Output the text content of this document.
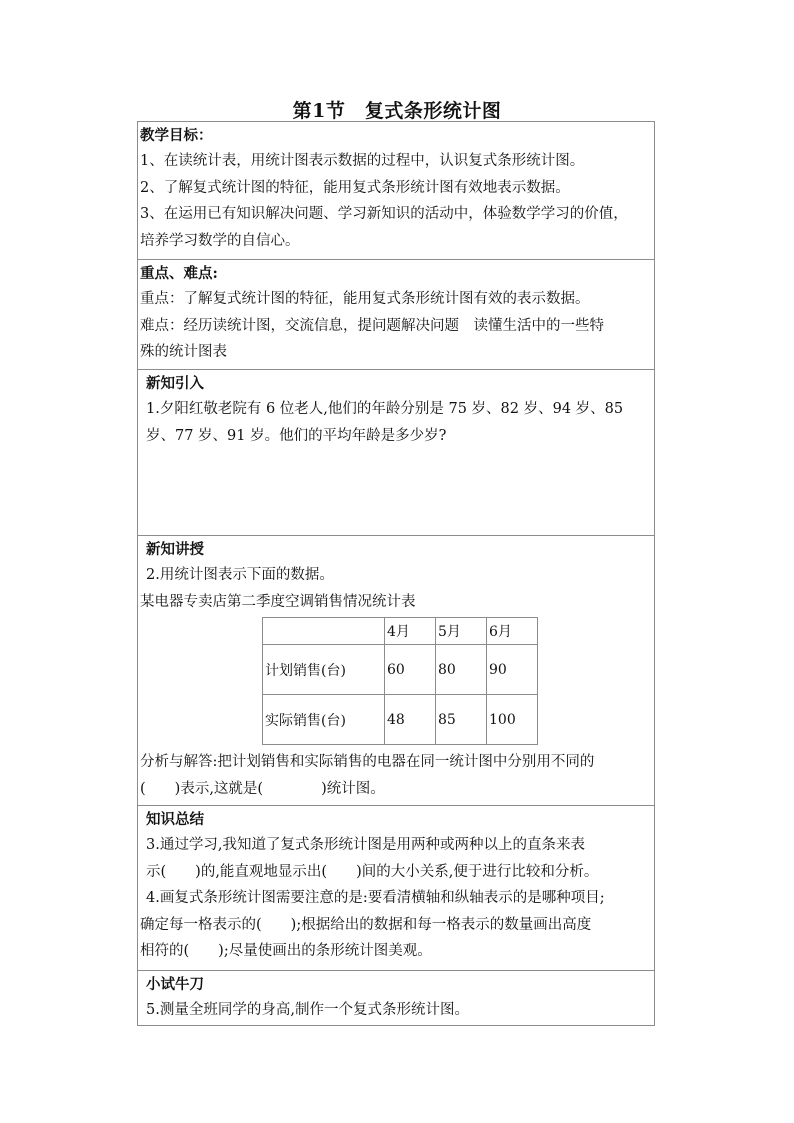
第1节　复式条形统计图
教学目标：
1、在读统计表，用统计图表示数据的过程中，认识复式条形统计图。
2、了解复式统计图的特征，能用复式条形统计图有效地表示数据。
3、在运用已有知识解决问题、学习新知识的活动中，体验数学学习的价值，
培养学习数学的自信心。
重点、难点:
重点：了解复式统计图的特征，能用复式条形统计图有效的表示数据。
难点：经历读统计图，交流信息，提问题解决问题　读懂生活中的一些特
殊的统计图表
新知引入
1.夕阳红敬老院有 6 位老人,他们的年龄分别是 75 岁、82 岁、94 岁、85
岁、77 岁、91 岁。他们的平均年龄是多少岁?
新知讲授
2.用统计图表示下面的数据。
某电器专卖店第二季度空调销售情况统计表
	4月	5月	6月
计划销售(台)	60	80	90
实际销售(台)	48	85	100
分析与解答:把计划销售和实际销售的电器在同一统计图中分别用不同的
(　　)表示,这就是(　　　　)统计图。
知识总结
3.通过学习,我知道了复式条形统计图是用两种或两种以上的直条来表
示(　　)的,能直观地显示出(　　)间的大小关系,便于进行比较和分析。
4.画复式条形统计图需要注意的是:要看清横轴和纵轴表示的是哪种项目;
确定每一格表示的(　　);根据给出的数据和每一格表示的数量画出高度
相符的(　　);尽量使画出的条形统计图美观。
小试牛刀
5.测量全班同学的身高,制作一个复式条形统计图。
